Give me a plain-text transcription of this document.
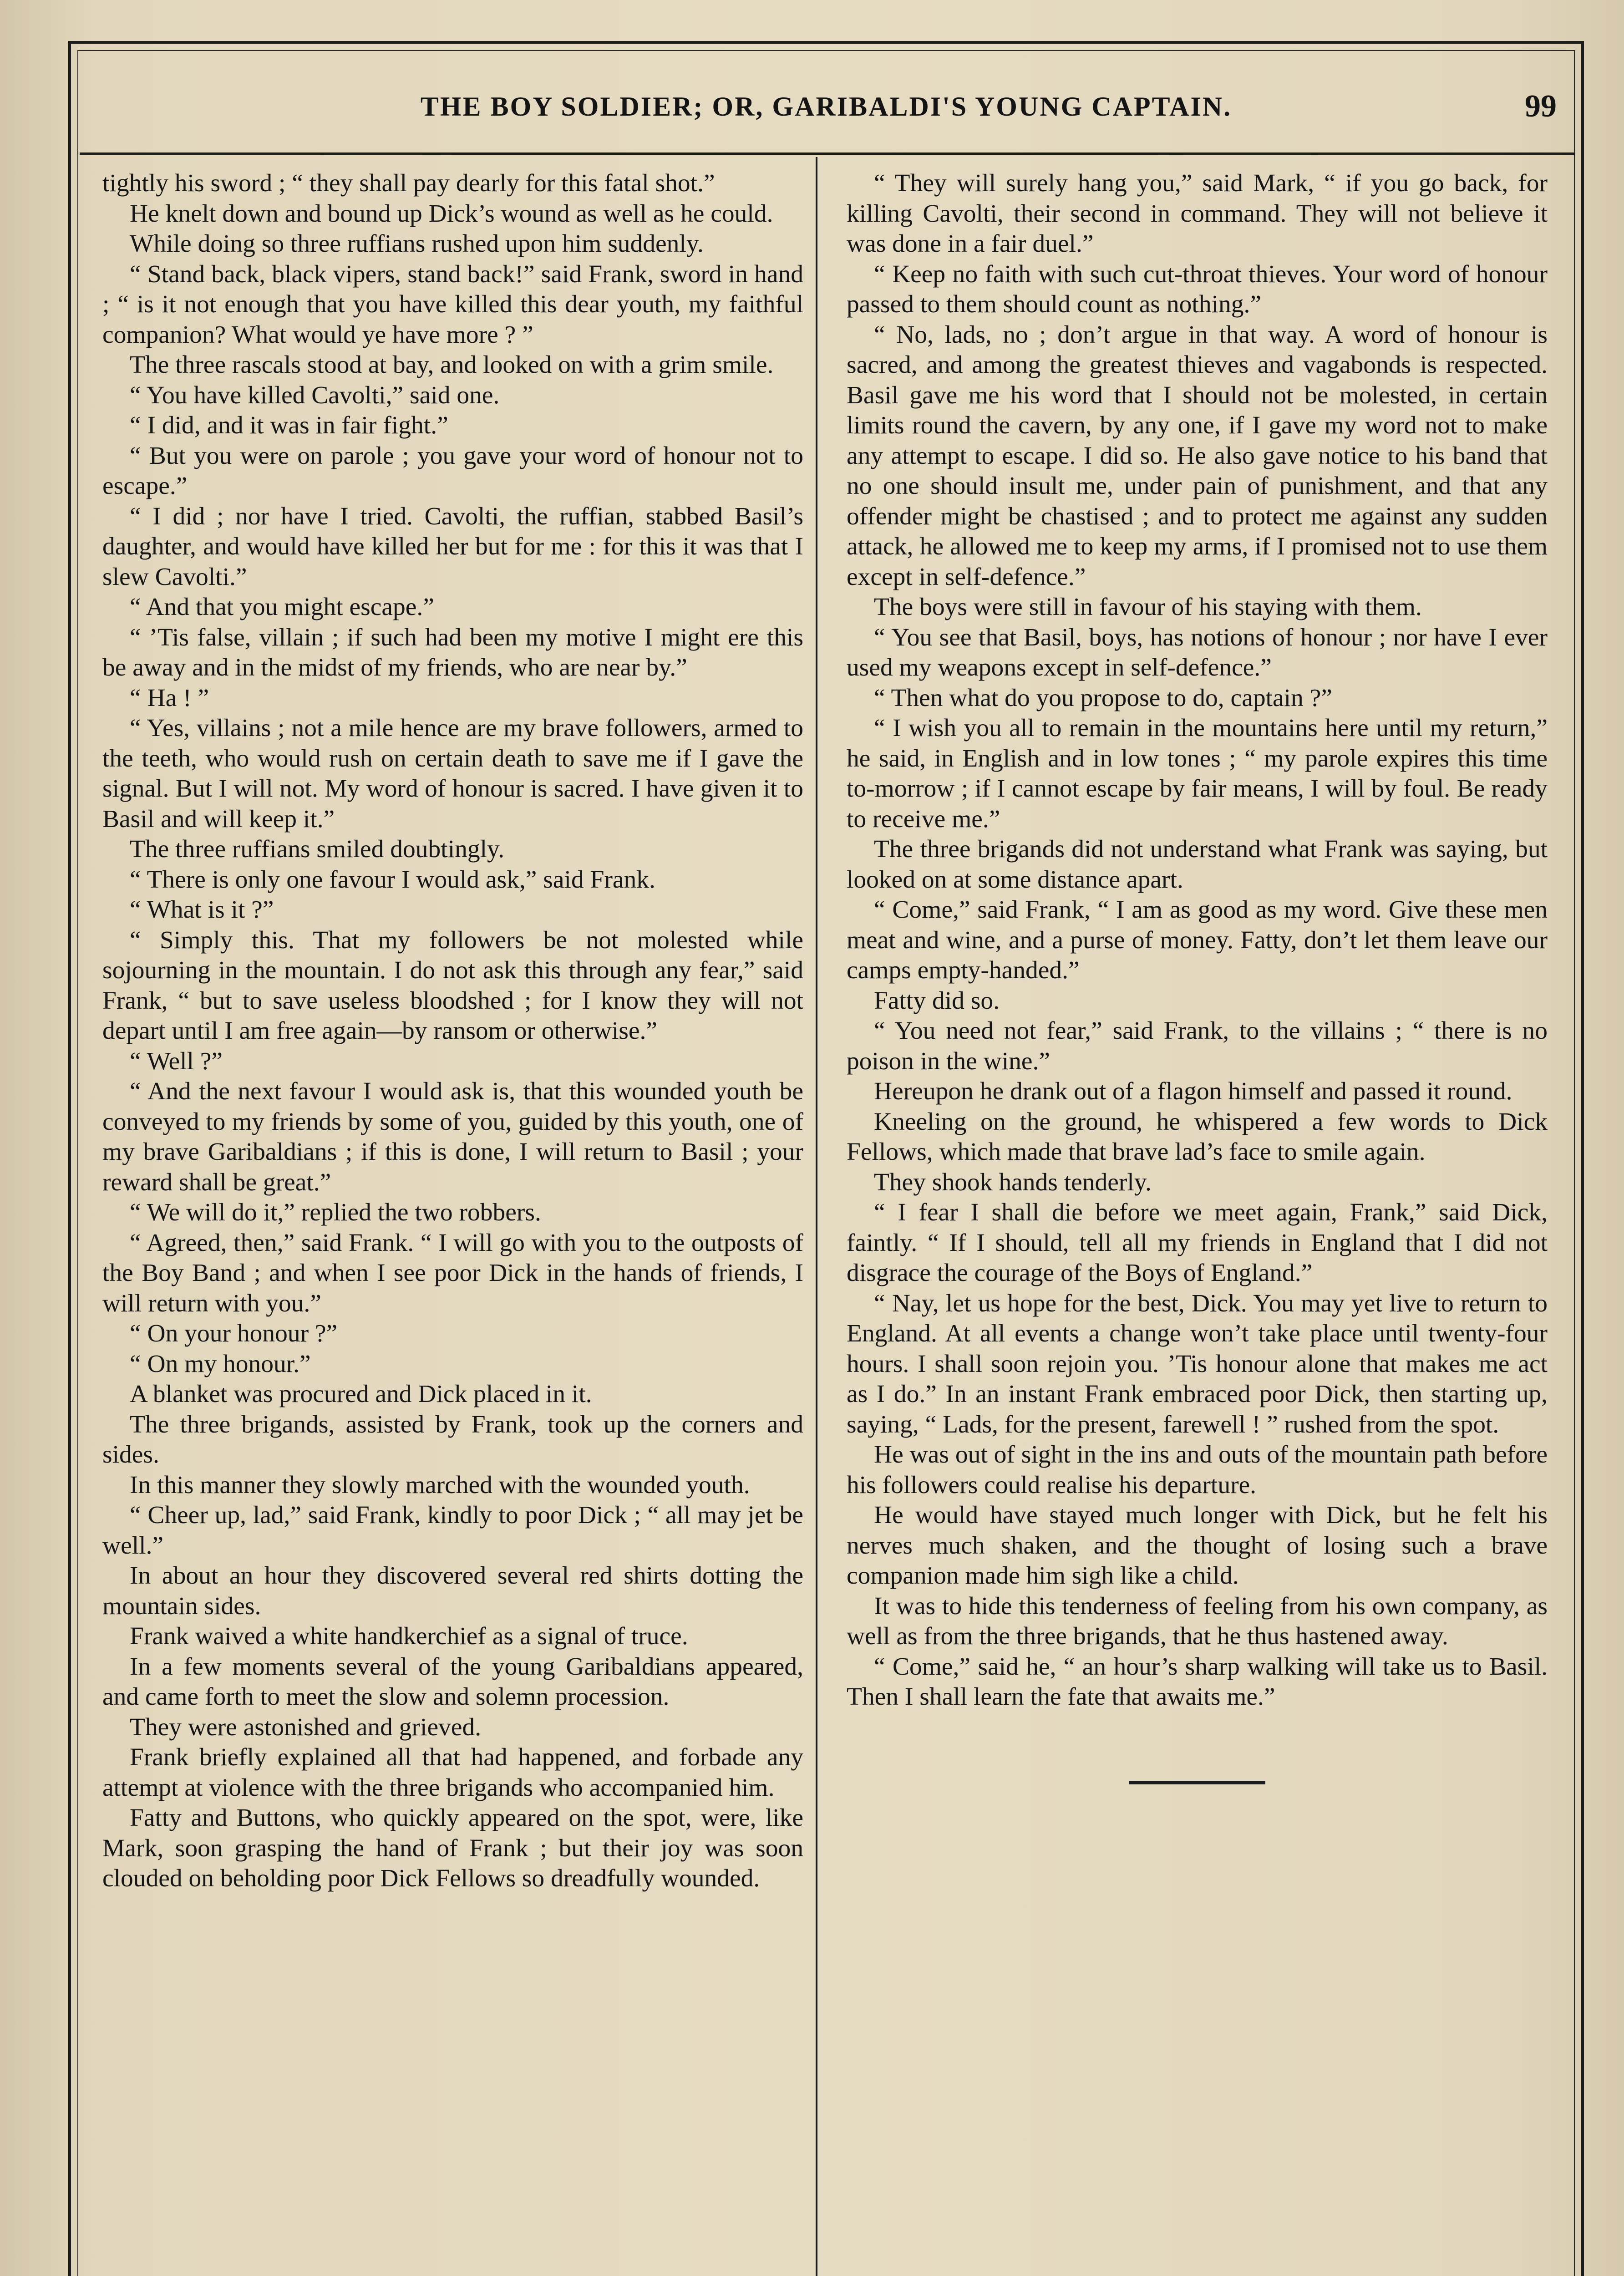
THE BOY SOLDIER; OR, GARIBALDI'S YOUNG CAPTAIN.	99

tightly his sword ; “ they shall pay dearly for this fatal shot.”

He knelt down and bound up Dick’s wound as well as he could.

While doing so three ruffians rushed upon him suddenly.

“ Stand back, black vipers, stand back!” said Frank, sword in hand ; “ is it not enough that you have killed this dear youth, my faithful companion? What would ye have more ? ”

The three rascals stood at bay, and looked on with a grim smile.

“ You have killed Cavolti,” said one.

“ I did, and it was in fair fight.”

“ But you were on parole ; you gave your word of honour not to escape.”

“ I did ; nor have I tried. Cavolti, the ruffian, stabbed Basil’s daughter, and would have killed her but for me : for this it was that I slew Cavolti.”

“ And that you might escape.”

“ ’Tis false, villain ; if such had been my motive I might ere this be away and in the midst of my friends, who are near by.”

“ Ha ! ”

“ Yes, villains ; not a mile hence are my brave followers, armed to the teeth, who would rush on certain death to save me if I gave the signal. But I will not. My word of honour is sacred. I have given it to Basil and will keep it.”

The three ruffians smiled doubtingly.

“ There is only one favour I would ask,” said Frank.

“ What is it ?”

“ Simply this. That my followers be not molested while sojourning in the mountain. I do not ask this through any fear,” said Frank, “ but to save useless bloodshed ; for I know they will not depart until I am free again—by ransom or otherwise.”

“ Well ?”

“ And the next favour I would ask is, that this wounded youth be conveyed to my friends by some of you, guided by this youth, one of my brave Garibaldians ; if this is done, I will return to Basil ; your reward shall be great.”

“ We will do it,” replied the two robbers.

“ Agreed, then,” said Frank. “ I will go with you to the outposts of the Boy Band ; and when I see poor Dick in the hands of friends, I will return with you.”

“ On your honour ?”

“ On my honour.”

A blanket was procured and Dick placed in it.

The three brigands, assisted by Frank, took up the corners and sides.

In this manner they slowly marched with the wounded youth.

“ Cheer up, lad,” said Frank, kindly to poor Dick ; “ all may jet be well.”

In about an hour they discovered several red shirts dotting the mountain sides.

Frank waived a white handkerchief as a signal of truce.

In a few moments several of the young Garibaldians appeared, and came forth to meet the slow and solemn procession.

They were astonished and grieved.

Frank briefly explained all that had happened, and forbade any attempt at violence with the three brigands who accompanied him.

Fatty and Buttons, who quickly appeared on the spot, were, like Mark, soon grasping the hand of Frank ; but their joy was soon clouded on beholding poor Dick Fellows so dreadfully wounded.

“ They will surely hang you,” said Mark, “ if you go back, for killing Cavolti, their second in command. They will not believe it was done in a fair duel.”

“ Keep no faith with such cut-throat thieves. Your word of honour passed to them should count as nothing.”

“ No, lads, no ; don’t argue in that way. A word of honour is sacred, and among the greatest thieves and vagabonds is respected. Basil gave me his word that I should not be molested, in certain limits round the cavern, by any one, if I gave my word not to make any attempt to escape. I did so. He also gave notice to his band that no one should insult me, under pain of punishment, and that any offender might be chastised ; and to protect me against any sudden attack, he allowed me to keep my arms, if I promised not to use them except in self-defence.”

The boys were still in favour of his staying with them.

“ You see that Basil, boys, has notions of honour ; nor have I ever used my weapons except in self-defence.”

“ Then what do you propose to do, captain ?”

“ I wish you all to remain in the mountains here until my return,” he said, in English and in low tones ; “ my parole expires this time to-morrow ; if I cannot escape by fair means, I will by foul. Be ready to receive me.”

The three brigands did not understand what Frank was saying, but looked on at some distance apart.

“ Come,” said Frank, “ I am as good as my word. Give these men meat and wine, and a purse of money. Fatty, don’t let them leave our camps empty-handed.”

Fatty did so.

“ You need not fear,” said Frank, to the villains ; “ there is no poison in the wine.”

Hereupon he drank out of a flagon himself and passed it round.

Kneeling on the ground, he whispered a few words to Dick Fellows, which made that brave lad’s face to smile again.

They shook hands tenderly.

“ I fear I shall die before we meet again, Frank,” said Dick, faintly. “ If I should, tell all my friends in England that I did not disgrace the courage of the Boys of England.”

“ Nay, let us hope for the best, Dick. You may yet live to return to England. At all events a change won’t take place until twenty-four hours. I shall soon rejoin you. ’Tis honour alone that makes me act as I do.” In an instant Frank embraced poor Dick, then starting up, saying, “ Lads, for the present, farewell ! ” rushed from the spot.

He was out of sight in the ins and outs of the mountain path before his followers could realise his departure.

He would have stayed much longer with Dick, but he felt his nerves much shaken, and the thought of losing such a brave companion made him sigh like a child.

It was to hide this tenderness of feeling from his own company, as well as from the three brigands, that he thus hastened away.

“ Come,” said he, “ an hour’s sharp walking will take us to Basil. Then I shall learn the fate that awaits me.”
